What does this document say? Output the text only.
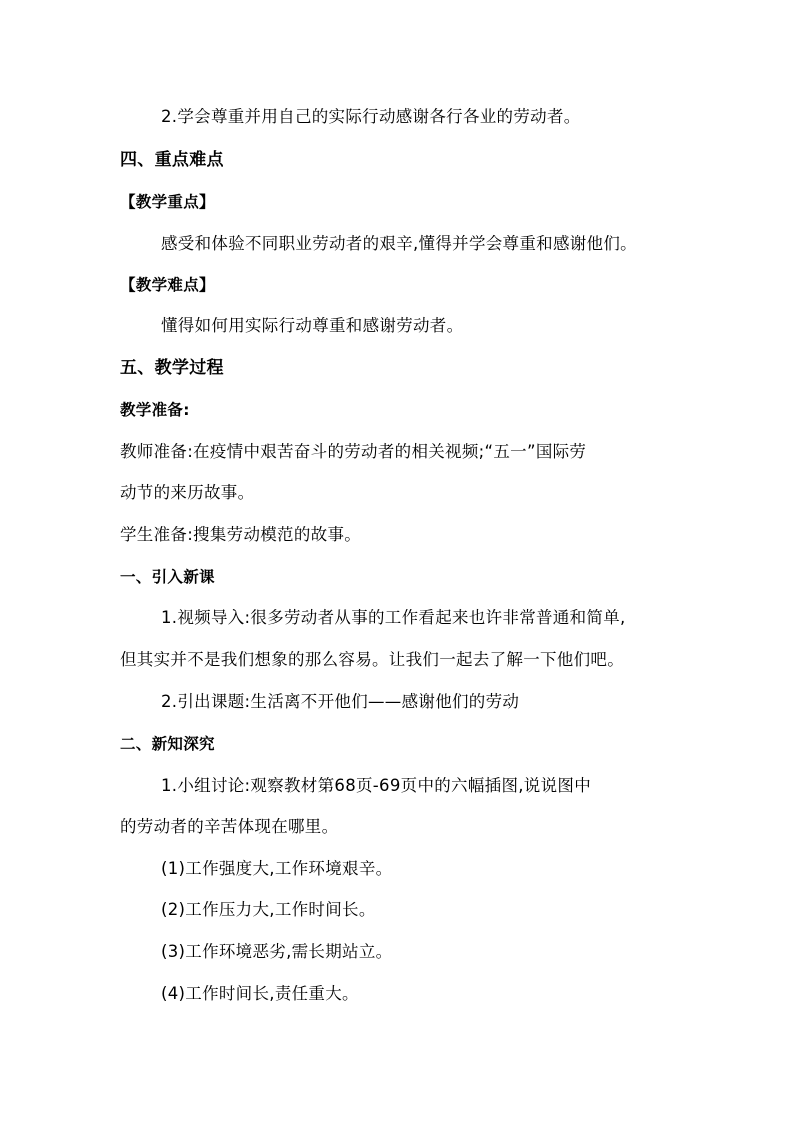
2.学会尊重并用自己的实际行动感谢各行各业的劳动者。
四、重点难点
【教学重点】
感受和体验不同职业劳动者的艰辛,懂得并学会尊重和感谢他们。
【教学难点】
懂得如何用实际行动尊重和感谢劳动者。
五、教学过程
教学准备:
教师准备:在疫情中艰苦奋斗的劳动者的相关视频;“五一”国际劳
动节的来历故事。
学生准备:搜集劳动模范的故事。
一、引入新课
1.视频导入:很多劳动者从事的工作看起来也许非常普通和简单,
但其实并不是我们想象的那么容易。让我们一起去了解一下他们吧。
2.引出课题:生活离不开他们——感谢他们的劳动
二、新知深究
1.小组讨论:观察教材第68页-69页中的六幅插图,说说图中
的劳动者的辛苦体现在哪里。
(1)工作强度大,工作环境艰辛。
(2)工作压力大,工作时间长。
(3)工作环境恶劣,需长期站立。
(4)工作时间长,责任重大。
